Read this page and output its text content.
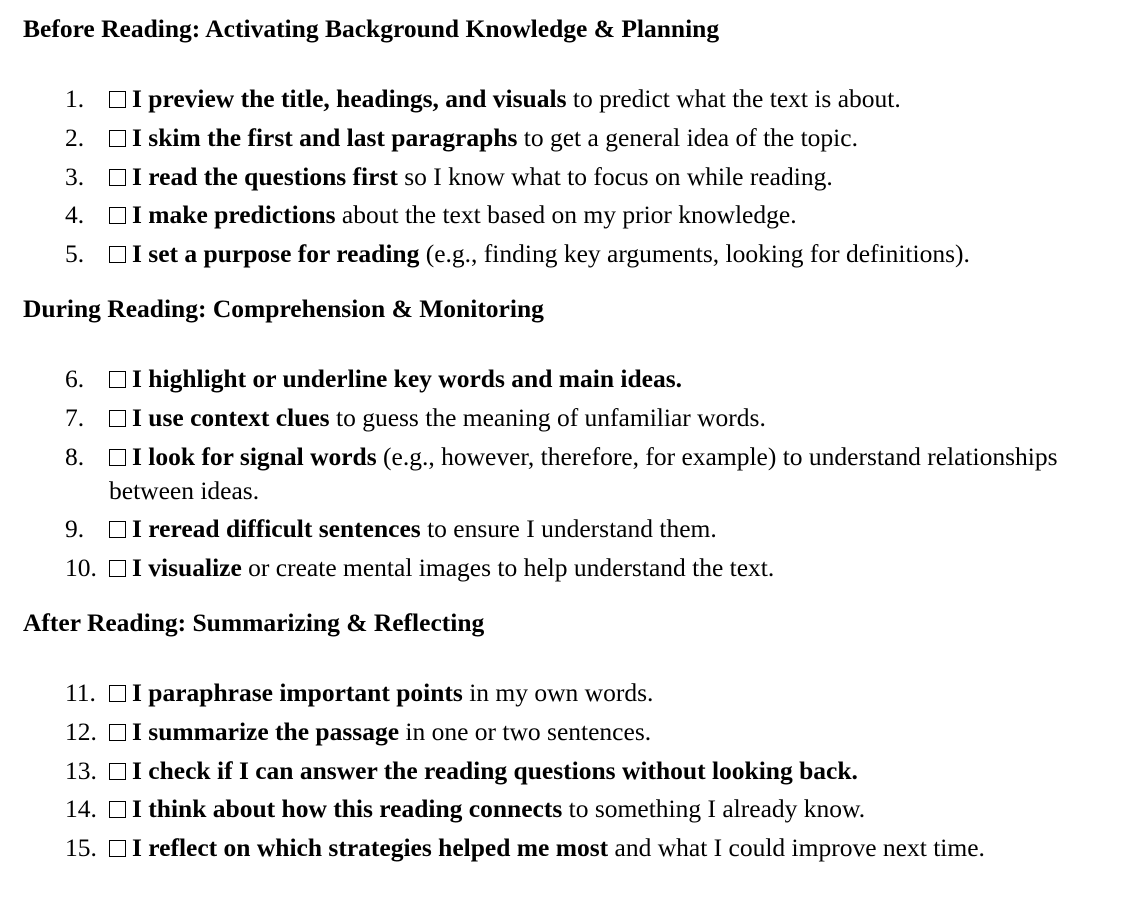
Before Reading: Activating Background Knowledge & Planning
1.	I preview the title, headings, and visuals to predict what the text is about.
2.	I skim the first and last paragraphs to get a general idea of the topic.
3.	I read the questions first so I know what to focus on while reading.
4.	I make predictions about the text based on my prior knowledge.
5.	I set a purpose for reading (e.g., finding key arguments, looking for definitions).
During Reading: Comprehension & Monitoring
6.	I highlight or underline key words and main ideas.
7.	I use context clues to guess the meaning of unfamiliar words.
8.	I look for signal words (e.g., however, therefore, for example) to understand relationships between ideas.
9.	I reread difficult sentences to ensure I understand them.
10.	I visualize or create mental images to help understand the text.
After Reading: Summarizing & Reflecting
11.	I paraphrase important points in my own words.
12.	I summarize the passage in one or two sentences.
13.	I check if I can answer the reading questions without looking back.
14.	I think about how this reading connects to something I already know.
15.	I reflect on which strategies helped me most and what I could improve next time.
